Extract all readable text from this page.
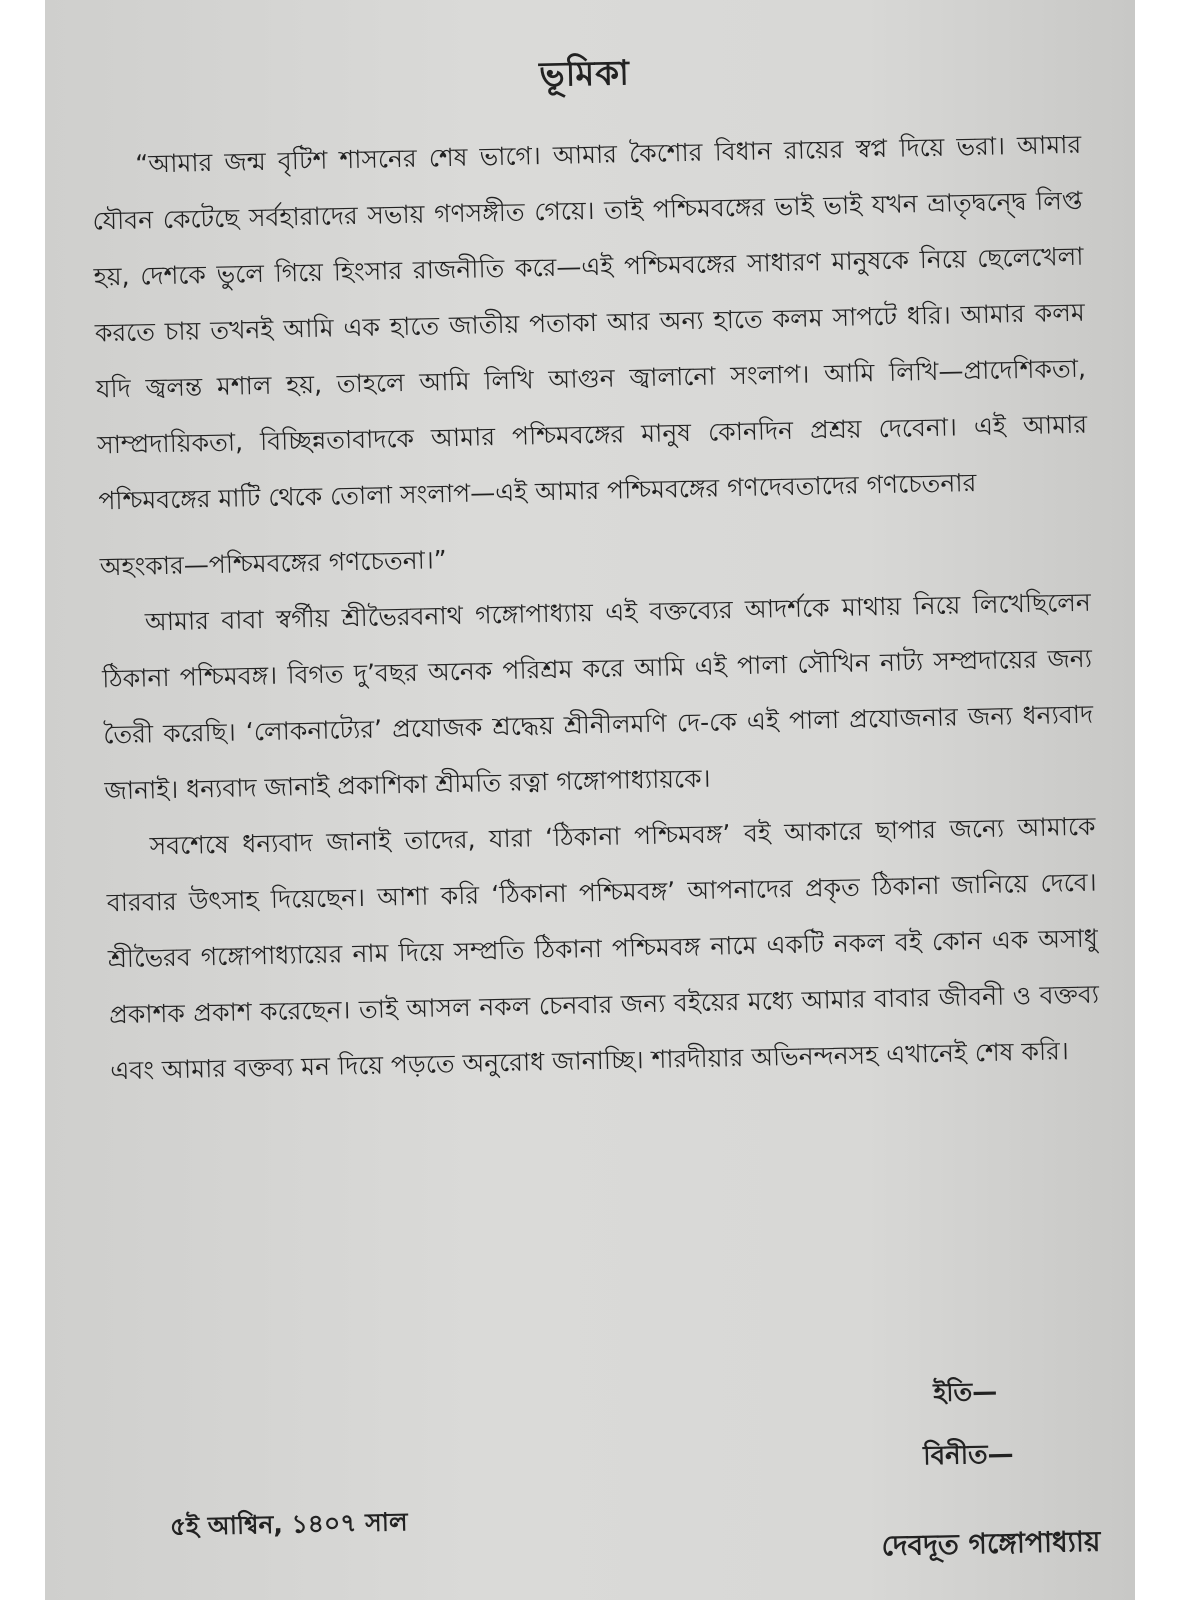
ভূমিকা

“আমার জন্ম বৃটিশ শাসনের শেষ ভাগে। আমার কৈশোর বিধান রায়ের স্বপ্ন দিয়ে ভরা। আমার যৌবন কেটেছে সর্বহারাদের সভায় গণসঙ্গীত গেয়ে। তাই পশ্চিমবঙ্গের ভাই ভাই যখন ভ্রাতৃদ্বন্দ্বে লিপ্ত হয়, দেশকে ভুলে গিয়ে হিংসার রাজনীতি করে—এই পশ্চিমবঙ্গের সাধারণ মানুষকে নিয়ে ছেলেখেলা করতে চায় তখনই আমি এক হাতে জাতীয় পতাকা আর অন্য হাতে কলম সাপটে ধরি। আমার কলম যদি জ্বলন্ত মশাল হয়, তাহলে আমি লিখি আগুন জ্বালানো সংলাপ। আমি লিখি—প্রাদেশিকতা, সাম্প্রদায়িকতা, বিচ্ছিন্নতাবাদকে আমার পশ্চিমবঙ্গের মানুষ কোনদিন প্রশ্রয় দেবেনা। এই আমার পশ্চিমবঙ্গের মাটি থেকে তোলা সংলাপ—এই আমার পশ্চিমবঙ্গের গণদেবতাদের গণচেতনার

অহংকার—পশ্চিমবঙ্গের গণচেতনা।”

আমার বাবা স্বর্গীয় শ্রীভৈরবনাথ গঙ্গোপাধ্যায় এই বক্তব্যের আদর্শকে মাথায় নিয়ে লিখেছিলেন ঠিকানা পশ্চিমবঙ্গ। বিগত দু’বছর অনেক পরিশ্রম করে আমি এই পালা সৌখিন নাট্য সম্প্রদায়ের জন্য তৈরী করেছি। ‘লোকনাট্যের’ প্রযোজক শ্রদ্ধেয় শ্রীনীলমণি দে-কে এই পালা প্রযোজনার জন্য ধন্যবাদ জানাই। ধন্যবাদ জানাই প্রকাশিকা শ্রীমতি রত্না গঙ্গোপাধ্যায়কে।

সবশেষে ধন্যবাদ জানাই তাদের, যারা ‘ঠিকানা পশ্চিমবঙ্গ’ বই আকারে ছাপার জন্যে আমাকে বারবার উৎসাহ দিয়েছেন। আশা করি ‘ঠিকানা পশ্চিমবঙ্গ’ আপনাদের প্রকৃত ঠিকানা জানিয়ে দেবে। শ্রীভৈরব গঙ্গোপাধ্যায়ের নাম দিয়ে সম্প্রতি ঠিকানা পশ্চিমবঙ্গ নামে একটি নকল বই কোন এক অসাধু প্রকাশক প্রকাশ করেছেন। তাই আসল নকল চেনবার জন্য বইয়ের মধ্যে আমার বাবার জীবনী ও বক্তব্য এবং আমার বক্তব্য মন দিয়ে পড়তে অনুরোধ জানাচ্ছি। শারদীয়ার অভিনন্দনসহ এখানেই শেষ করি।

ইতি—
বিনীত—
৫ই আশ্বিন, ১৪০৭ সাল
দেবদূত গঙ্গোপাধ্যায়
